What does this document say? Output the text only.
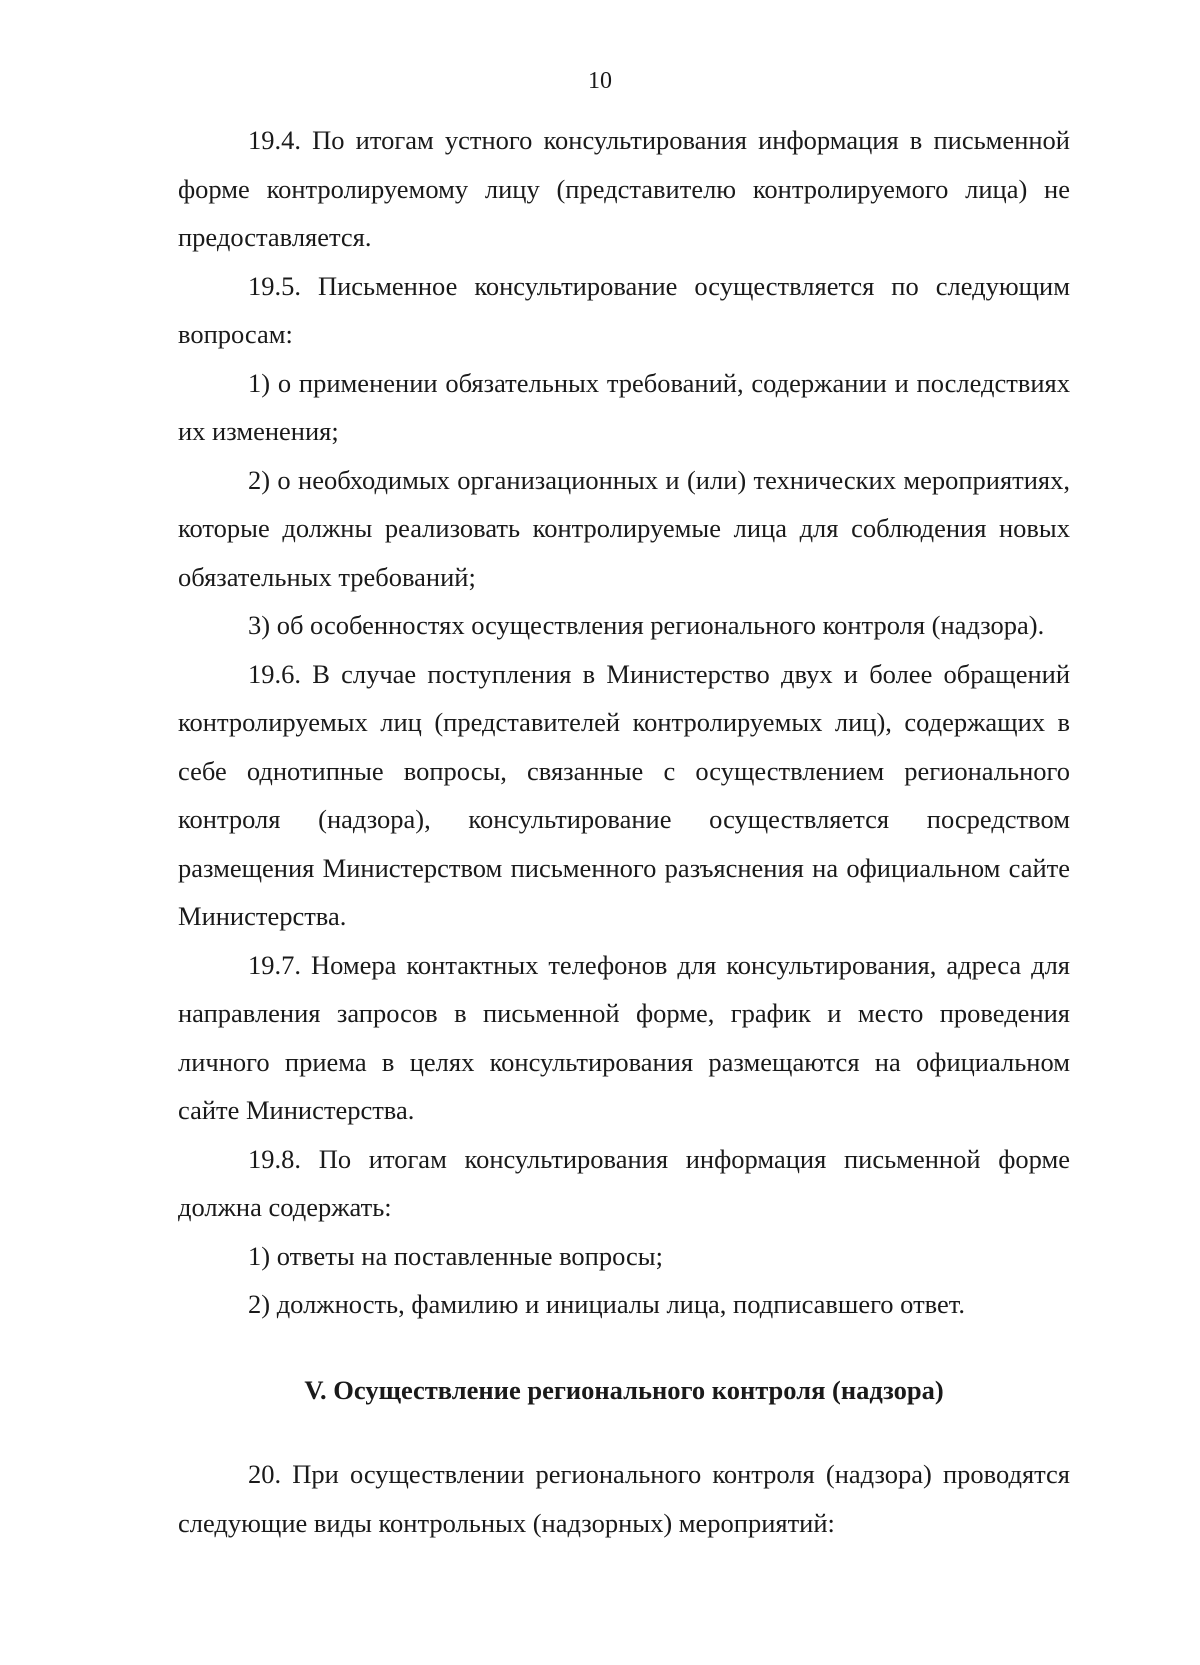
10

19.4. По итогам устного консультирования информация в письменной форме контролируемому лицу (представителю контролируемого лица) не предоставляется.

19.5. Письменное консультирование осуществляется по следующим вопросам:

1) о применении обязательных требований, содержании и последствиях их изменения;

2) о необходимых организационных и (или) технических мероприятиях, которые должны реализовать контролируемые лица для соблюдения новых обязательных требований;

3) об особенностях осуществления регионального контроля (надзора).

19.6. В случае поступления в Министерство двух и более обращений контролируемых лиц (представителей контролируемых лиц), содержащих в себе однотипные вопросы, связанные с осуществлением регионального контроля (надзора), консультирование осуществляется посредством размещения Министерством письменного разъяснения на официальном сайте Министерства.

19.7. Номера контактных телефонов для консультирования, адреса для направления запросов в письменной форме, график и место проведения личного приема в целях консультирования размещаются на официальном сайте Министерства.

19.8. По итогам консультирования информация письменной форме должна содержать:

1) ответы на поставленные вопросы;

2) должность, фамилию и инициалы лица, подписавшего ответ.

V. Осуществление регионального контроля (надзора)

20. При осуществлении регионального контроля (надзора) проводятся следующие виды контрольных (надзорных) мероприятий:
